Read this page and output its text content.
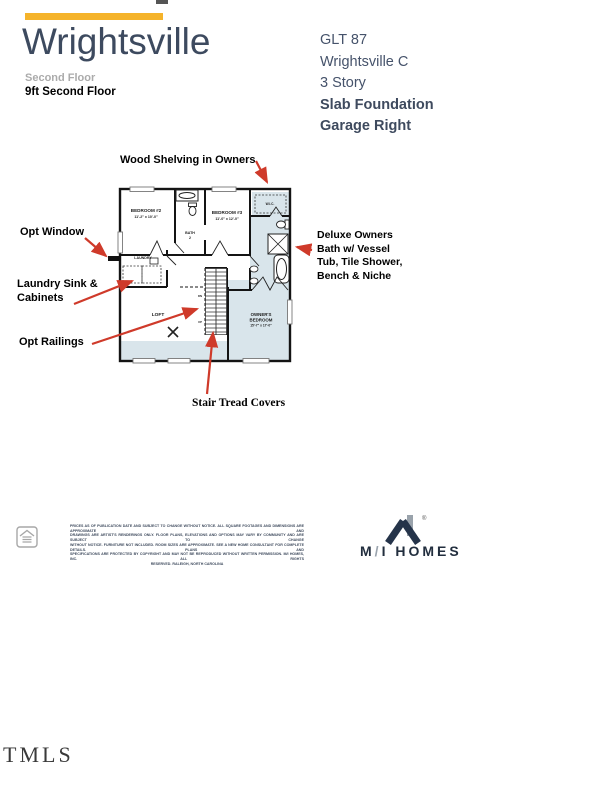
Wrightsville
Second Floor
9ft Second Floor
GLT 87
Wrightsville C
3 Story
Slab Foundation
Garage Right
Wood Shelving in Owners
Opt Window
Laundry Sink &
Cabinets
Opt Railings
Stair Tread Covers
Deluxe Owners
Bath w/ Vessel
Tub, Tile Shower,
Bench & Niche
BEDROOM #2
11'-2" x 10'-0"
BATH
2
BEDROOM #3
11'-0" x 12'-0"
W.I.C.
LAUNDRY
LOFT	OWNER'S
BEDROOM
15'-7" x 17'-0"
DN
UP
PRICES AS OF PUBLICATION DATE AND SUBJECT TO CHANGE WITHOUT NOTICE. ALL SQUARE FOOTAGES AND DIMENSIONS ARE APPROXIMATE AND
DRAWINGS ARE ARTIST'S RENDERINGS ONLY. FLOOR PLANS, ELEVATIONS AND OPTIONS MAY VARY BY COMMUNITY AND ARE SUBJECT TO CHANGE
WITHOUT NOTICE. FURNITURE NOT INCLUDED. ROOM SIZES ARE APPROXIMATE. SEE A NEW HOME CONSULTANT FOR COMPLETE DETAILS. PLANS AND
SPECIFICATIONS ARE PROTECTED BY COPYRIGHT AND MAY NOT BE REPRODUCED WITHOUT WRITTEN PERMISSION. M/I HOMES, INC. ALL RIGHTS
RESERVED. RALEIGH, NORTH CAROLINA
®
M/I HOMES
TMLS
